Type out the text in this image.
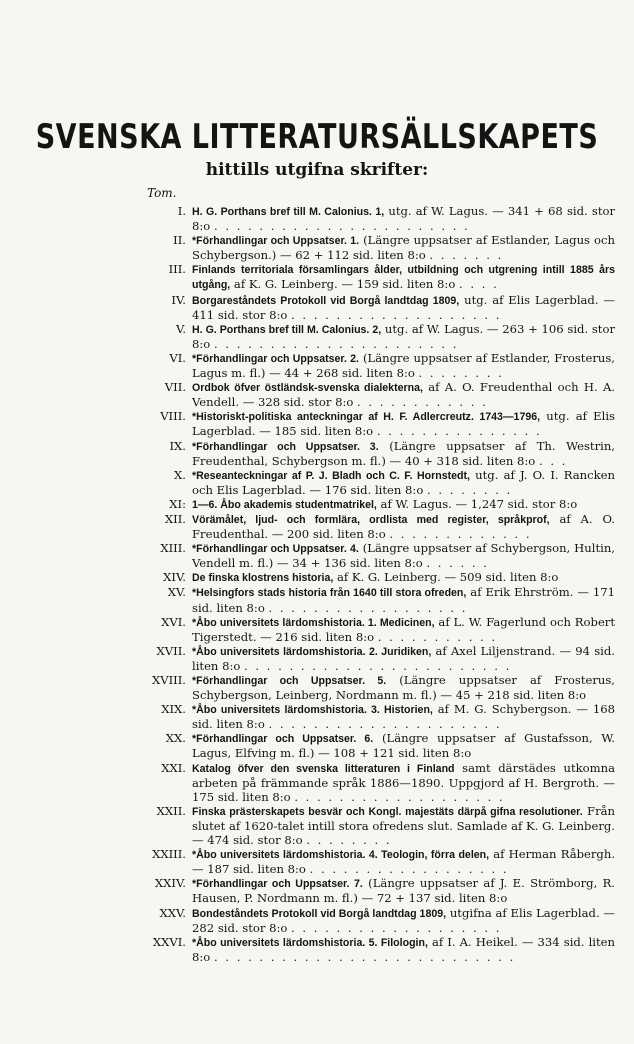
SVENSKA LITTERATURSÄLLSKAPETS
hittills utgifna skrifter:
Tom.
I. H. G. Porthans bref till M. Calonius. 1, utg. af W. Lagus. — 341 + 68 sid. stor 8:o . . . . . . . . . . . . . . . . . . . . . . .
II. *Förhandlingar och Uppsatser. 1. (Längre uppsatser af Estlander, Lagus och Schybergson.) — 62 + 112 sid. liten 8:o . . . . . . .
III. Finlands territoriala församlingars ålder, utbildning och utgrening intill 1885 års utgång, af K. G. Leinberg. — 159 sid. liten 8:o . . . .
IV. Borgareståndets Protokoll vid Borgå landtdag 1809, utg. af Elis Lagerblad. — 411 sid. stor 8:o . . . . . . . . . . . . . . . . . . .
V. H. G. Porthans bref till M. Calonius. 2, utg. af W. Lagus. — 263 + 106 sid. stor 8:o . . . . . . . . . . . . . . . . . . . . . .
VI. *Förhandlingar och Uppsatser. 2. (Längre uppsatser af Estlander, Frosterus, Lagus m. fl.) — 44 + 268 sid. liten 8:o . . . . . . . .
VII. Ordbok öfver östländsk-svenska dialekterna, af A. O. Freudenthal och H. A. Vendell. — 328 sid. stor 8:o . . . . . . . . . . . .
VIII. *Historiskt-politiska anteckningar af H. F. Adlercreutz. 1743—1796, utg. af Elis Lagerblad. — 185 sid. liten 8:o . . . . . . . . . . . . . . .
IX. *Förhandlingar och Uppsatser. 3. (Längre uppsatser af Th. Westrin, Freudenthal, Schybergson m. fl.) — 40 + 318 sid. liten 8:o . . .
X. *Reseanteckningar af P. J. Bladh och C. F. Hornstedt, utg. af J. O. I. Rancken och Elis Lagerblad. — 176 sid. liten 8:o . . . . . . . .
XI: 1—6. Åbo akademis studentmatrikel, af W. Lagus. — 1,247 sid. stor 8:o
XII. Vörämålet, ljud- och formlära, ordlista med register, språkprof, af A. O. Freudenthal. — 200 sid. liten 8:o . . . . . . . . . . . . .
XIII. *Förhandlingar och Uppsatser. 4. (Längre uppsatser af Schybergson, Hultin, Vendell m. fl.) — 34 + 136 sid. liten 8:o . . . . . .
XIV. De finska klostrens historia, af K. G. Leinberg. — 509 sid. liten 8:o
XV. *Helsingfors stads historia från 1640 till stora ofreden, af Erik Ehrström. — 171 sid. liten 8:o . . . . . . . . . . . . . . . . . .
XVI. *Åbo universitets lärdomshistoria. 1. Medicinen, af L. W. Fagerlund och Robert Tigerstedt. — 216 sid. liten 8:o . . . . . . . . . . .
XVII. *Åbo universitets lärdomshistoria. 2. Juridiken, af Axel Liljenstrand. — 94 sid. liten 8:o . . . . . . . . . . . . . . . . . . . . . . . .
XVIII. *Förhandlingar och Uppsatser. 5. (Längre uppsatser af Frosterus, Schybergson, Leinberg, Nordmann m. fl.) — 45 + 218 sid. liten 8:o
XIX. *Åbo universitets lärdomshistoria. 3. Historien, af M. G. Schybergson. — 168 sid. liten 8:o . . . . . . . . . . . . . . . . . . . . .
XX. *Förhandlingar och Uppsatser. 6. (Längre uppsatser af Gustafsson, W. Lagus, Elfving m. fl.) — 108 + 121 sid. liten 8:o
XXI. Katalog öfver den svenska litteraturen i Finland samt därstädes utkomna arbeten på främmande språk 1886—1890. Uppgjord af H. Bergroth. — 175 sid. liten 8:o . . . . . . . . . . . . . . . . . . .
XXII. Finska prästerskapets besvär och Kongl. majestäts därpå gifna resolutioner. Från slutet af 1620-talet intill stora ofredens slut. Samlade af K. G. Leinberg. — 474 sid. stor 8:o . . . . . . . .
XXIII. *Åbo universitets lärdomshistoria. 4. Teologin, förra delen, af Herman Råbergh. — 187 sid. liten 8:o . . . . . . . . . . . . . . . . . .
XXIV. *Förhandlingar och Uppsatser. 7. (Längre uppsatser af J. E. Strömborg, R. Hausen, P. Nordmann m. fl.) — 72 + 137 sid. liten 8:o
XXV. Bondeståndets Protokoll vid Borgå landtdag 1809, utgifna af Elis Lagerblad. — 282 sid. stor 8:o . . . . . . . . . . . . . . . . . . .
XXVI. *Åbo universitets lärdomshistoria. 5. Filologin, af I. A. Heikel. — 334 sid. liten 8:o . . . . . . . . . . . . . . . . . . . . . . . . . . .
